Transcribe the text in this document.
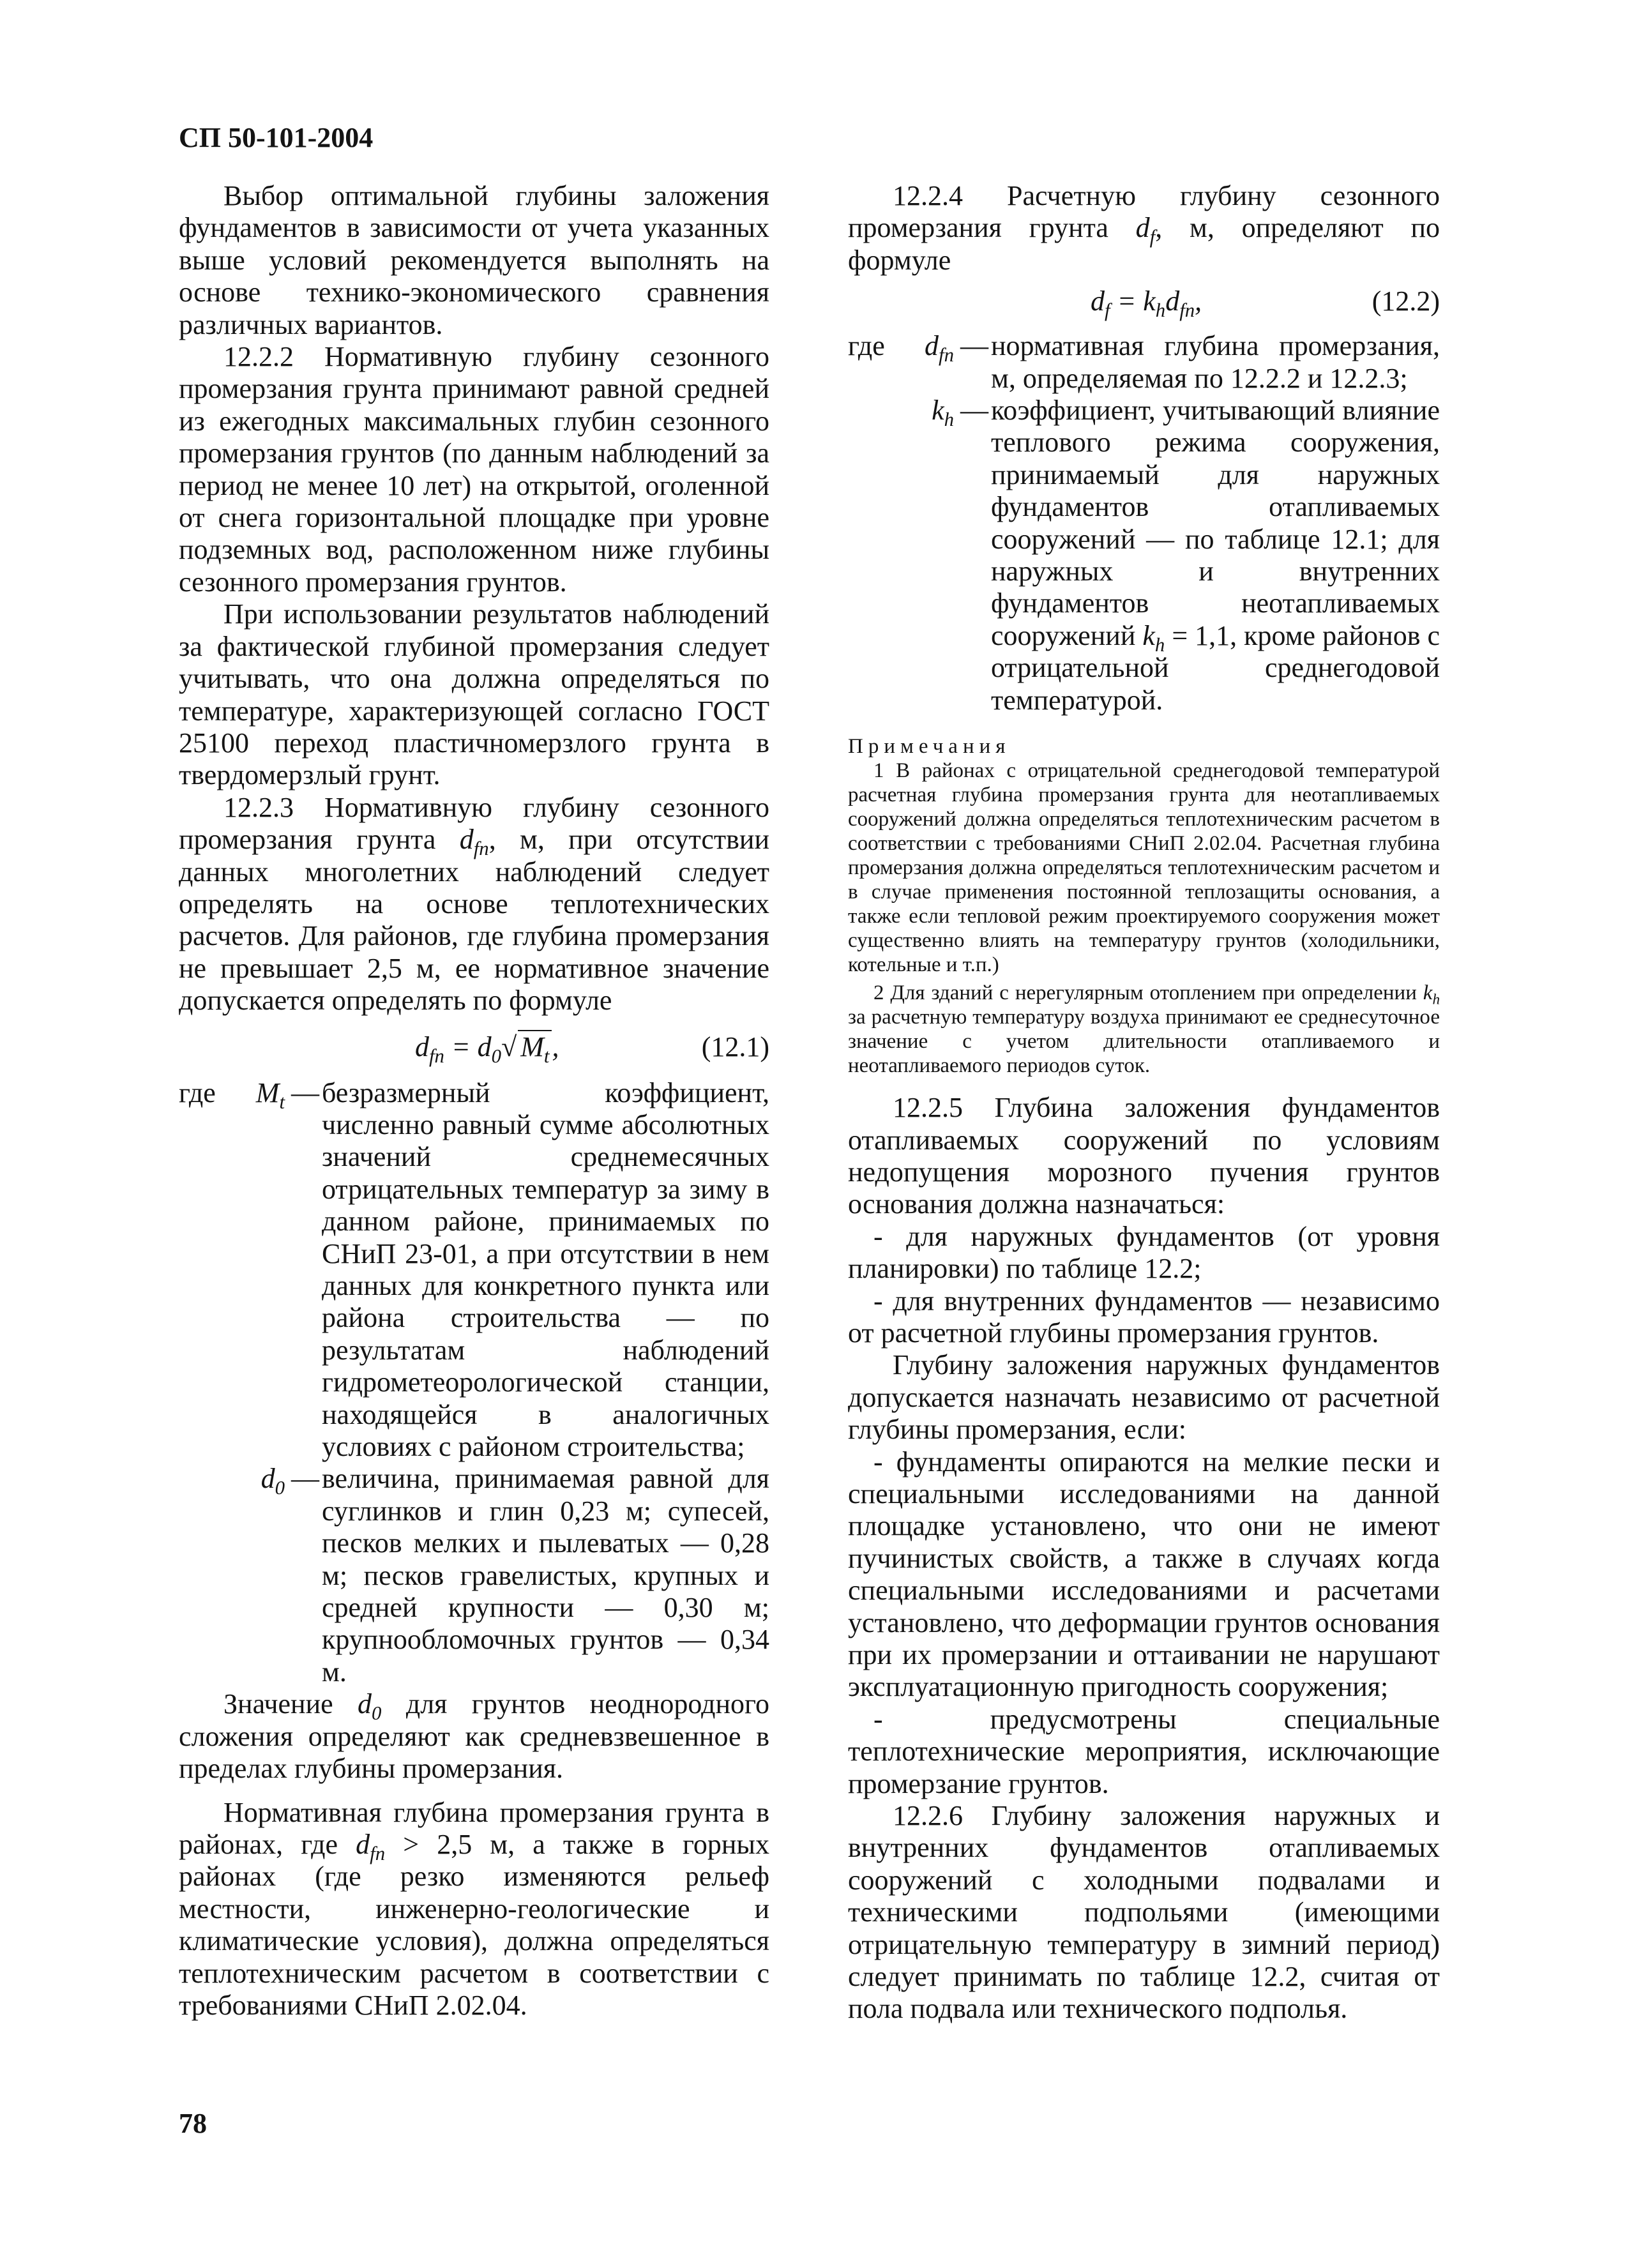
СП 50-101-2004

Выбор оптимальной глубины заложения фундаментов в зависимости от учета указанных выше условий рекомендуется выполнять на основе технико-экономического сравнения различных вариантов.

12.2.2 Нормативную глубину сезонного промерзания грунта принимают равной средней из ежегодных максимальных глубин сезонного промерзания грунтов (по данным наблюдений за период не менее 10 лет) на открытой, оголенной от снега горизонтальной площадке при уровне подземных вод, расположенном ниже глубины сезонного промерзания грунтов.

При использовании результатов наблюдений за фактической глубиной промерзания следует учитывать, что она должна определяться по температуре, характеризующей согласно ГОСТ 25100 переход пластичномерзлого грунта в твердомерзлый грунт.

12.2.3 Нормативную глубину сезонного промерзания грунта $d_{fn}$, м, при отсутствии данных многолетних наблюдений следует определять на основе теплотехнических расчетов. Для районов, где глубина промерзания не превышает 2,5 м, ее нормативное значение допускается определять по формуле

$d_{fn} = d_0√$ $M_t$,	(12.1)
где	$M_t$ — безразмерный коэффициент, численно равный сумме абсолютных значений среднемесячных отрицательных температур за зиму в данном районе, принимаемых по СНиП 23-01, а при отсутствии в нем данных для конкретного пункта или района строительства — по результатам наблюдений гидрометеорологической станции, находящейся в аналогичных условиях с районом строительства;
$d_0$ — величина, принимаемая равной для суглинков и глин 0,23 м; супесей, песков мелких и пылеватых — 0,28 м; песков гравелистых, крупных и средней крупности — 0,30 м; крупнообломочных грунтов — 0,34 м.

Значение $d_0$ для грунтов неоднородного сложения определяют как средневзвешенное в пределах глубины промерзания.

Нормативная глубина промерзания грунта в районах, где $d_{fn} > 2,5$ м, а также в горных районах (где резко изменяются рельеф местности, инженерно-геологические и климатические условия), должна определяться теплотехническим расчетом в соответствии с требованиями СНиП 2.02.04.

12.2.4 Расчетную глубину сезонного промерзания грунта $d_f$, м, определяют по формуле

$d_f = k_hd_{fn}$,	(12.2)
где	$d_{fn}$ — нормативная глубина промерзания, м, определяемая по 12.2.2 и 12.2.3;
$k_h$ — коэффициент, учитывающий влияние теплового режима сооружения, принимаемый для наружных фундаментов отапливаемых сооружений — по таблице 12.1; для наружных и внутренних фундаментов неотапливаемых сооружений $k_h = 1,1$, кроме районов с отрицательной среднегодовой температурой.
Примечания

1 В районах с отрицательной среднегодовой температурой расчетная глубина промерзания грунта для неотапливаемых сооружений должна определяться теплотехническим расчетом в соответствии с требованиями СНиП 2.02.04. Расчетная глубина промерзания должна определяться теплотехническим расчетом и в случае применения постоянной теплозащиты основания, а также если тепловой режим проектируемого сооружения может существенно влиять на температуру грунтов (холодильники, котельные и т.п.)

2 Для зданий с нерегулярным отоплением при определении $k_h$ за расчетную температуру воздуха принимают ее среднесуточное значение с учетом длительности отапливаемого и неотапливаемого периодов суток.

12.2.5 Глубина заложения фундаментов отапливаемых сооружений по условиям недопущения морозного пучения грунтов основания должна назначаться:

- для наружных фундаментов (от уровня планировки) по таблице 12.2;

- для внутренних фундаментов — независимо от расчетной глубины промерзания грунтов.

Глубину заложения наружных фундаментов допускается назначать независимо от расчетной глубины промерзания, если:

- фундаменты опираются на мелкие пески и специальными исследованиями на данной площадке установлено, что они не имеют пучинистых свойств, а также в случаях когда специальными исследованиями и расчетами установлено, что деформации грунтов основания при их промерзании и оттаивании не нарушают эксплуатационную пригодность сооружения;

- предусмотрены специальные теплотехнические мероприятия, исключающие промерзание грунтов.

12.2.6 Глубину заложения наружных и внутренних фундаментов отапливаемых сооружений с холодными подвалами и техническими подпольями (имеющими отрицательную температуру в зимний период) следует принимать по таблице 12.2, считая от пола подвала или технического подполья.

78
